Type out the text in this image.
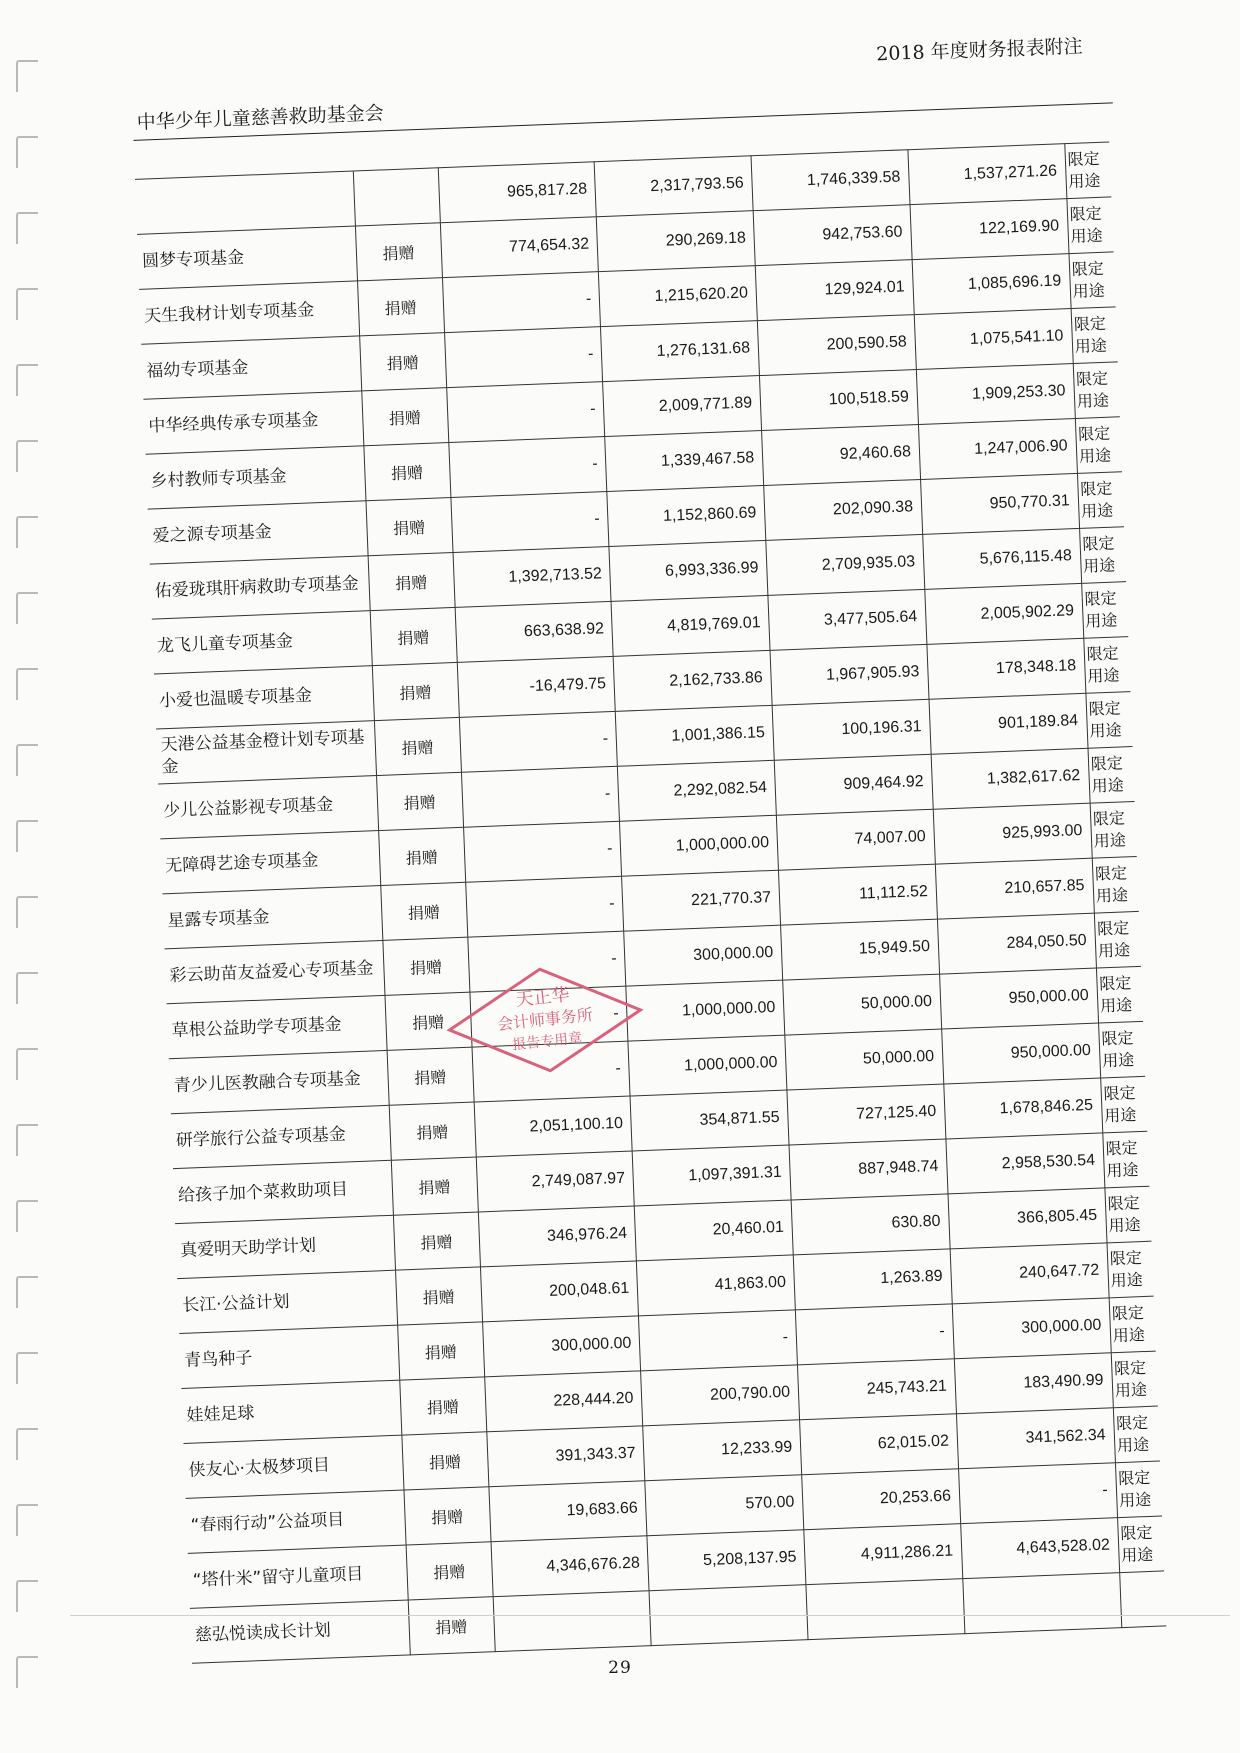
2018 年度财务报表附注
中华少年儿童慈善救助基金会
		965,817.28	2,317,793.56	1,746,339.58	1,537,271.26	限定用途
圆梦专项基金	捐赠	774,654.32	290,269.18	942,753.60	122,169.90	限定用途
天生我材计划专项基金	捐赠	-	1,215,620.20	129,924.01	1,085,696.19	限定用途
福幼专项基金	捐赠	-	1,276,131.68	200,590.58	1,075,541.10	限定用途
中华经典传承专项基金	捐赠	-	2,009,771.89	100,518.59	1,909,253.30	限定用途
乡村教师专项基金	捐赠	-	1,339,467.58	92,460.68	1,247,006.90	限定用途
爱之源专项基金	捐赠	-	1,152,860.69	202,090.38	950,770.31	限定用途
佑爱珑琪肝病救助专项基金	捐赠	1,392,713.52	6,993,336.99	2,709,935.03	5,676,115.48	限定用途
龙飞儿童专项基金	捐赠	663,638.92	4,819,769.01	3,477,505.64	2,005,902.29	限定用途
小爱也温暖专项基金	捐赠	-16,479.75	2,162,733.86	1,967,905.93	178,348.18	限定用途
天港公益基金橙计划专项基金	捐赠	-	1,001,386.15	100,196.31	901,189.84	限定用途
少儿公益影视专项基金	捐赠	-	2,292,082.54	909,464.92	1,382,617.62	限定用途
无障碍艺途专项基金	捐赠	-	1,000,000.00	74,007.00	925,993.00	限定用途
星露专项基金	捐赠	-	221,770.37	11,112.52	210,657.85	限定用途
彩云助苗友益爱心专项基金	捐赠	-	300,000.00	15,949.50	284,050.50	限定用途
草根公益助学专项基金	捐赠	-	1,000,000.00	50,000.00	950,000.00	限定用途
青少儿医教融合专项基金	捐赠	-	1,000,000.00	50,000.00	950,000.00	限定用途
研学旅行公益专项基金	捐赠	2,051,100.10	354,871.55	727,125.40	1,678,846.25	限定用途
给孩子加个菜救助项目	捐赠	2,749,087.97	1,097,391.31	887,948.74	2,958,530.54	限定用途
真爱明天助学计划	捐赠	346,976.24	20,460.01	630.80	366,805.45	限定用途
长江·公益计划	捐赠	200,048.61	41,863.00	1,263.89	240,647.72	限定用途
青鸟种子	捐赠	300,000.00	-	-	300,000.00	限定用途
娃娃足球	捐赠	228,444.20	200,790.00	245,743.21	183,490.99	限定用途
侠友心·太极梦项目	捐赠	391,343.37	12,233.99	62,015.02	341,562.34	限定用途
“春雨行动”公益项目	捐赠	19,683.66	570.00	20,253.66	-	限定用途
“塔什米”留守儿童项目	捐赠	4,346,676.28	5,208,137.95	4,911,286.21	4,643,528.02	限定用途
慈弘悦读成长计划	捐赠					
天正华
会计师事务所
报告专用章
29
